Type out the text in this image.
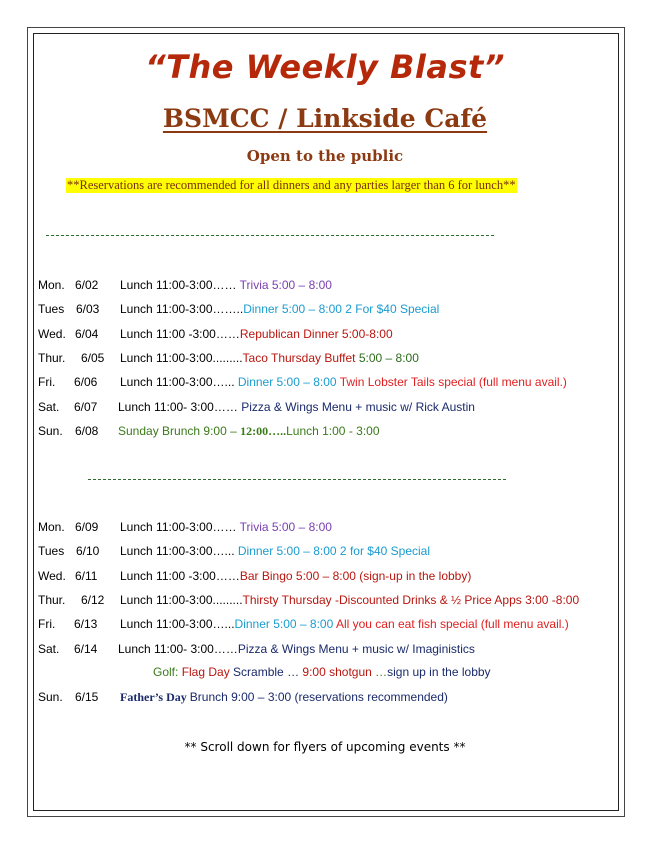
“The Weekly Blast”
BSMCC / Linkside Café
Open to the public
**Reservations are recommended for all dinners and any parties larger than 6 for lunch**
Mon. 6/02 Lunch 11:00-3:00…… Trivia 5:00 – 8:00
Tues 6/03 Lunch 11:00-3:00……..Dinner 5:00 – 8:00 2 For $40 Special
Wed. 6/04 Lunch 11:00 -3:00……Republican Dinner 5:00-8:00
Thur. 6/05 Lunch 11:00-3:00.........Taco Thursday Buffet 5:00 – 8:00
Fri. 6/06 Lunch 11:00-3:00…... Dinner 5:00 – 8:00 Twin Lobster Tails special (full menu avail.)
Sat. 6/07 Lunch 11:00- 3:00…… Pizza & Wings Menu + music w/ Rick Austin
Sun. 6/08 Sunday Brunch 9:00 – 12:00…..Lunch 1:00 - 3:00
Mon. 6/09 Lunch 11:00-3:00…… Trivia 5:00 – 8:00
Tues 6/10 Lunch 11:00-3:00…... Dinner 5:00 – 8:00 2 for $40 Special
Wed. 6/11 Lunch 11:00 -3:00……Bar Bingo 5:00 – 8:00 (sign-up in the lobby)
Thur. 6/12 Lunch 11:00-3:00.........Thirsty Thursday -Discounted Drinks & ½ Price Apps 3:00 -8:00
Fri. 6/13 Lunch 11:00-3:00…...Dinner 5:00 – 8:00 All you can eat fish special (full menu avail.)
Sat. 6/14 Lunch 11:00- 3:00……Pizza & Wings Menu + music w/ Imaginistics
Golf: Flag Day Scramble … 9:00 shotgun …sign up in the lobby
Sun. 6/15 Father’s Day Brunch 9:00 – 3:00 (reservations recommended)
** Scroll down for flyers of upcoming events **
